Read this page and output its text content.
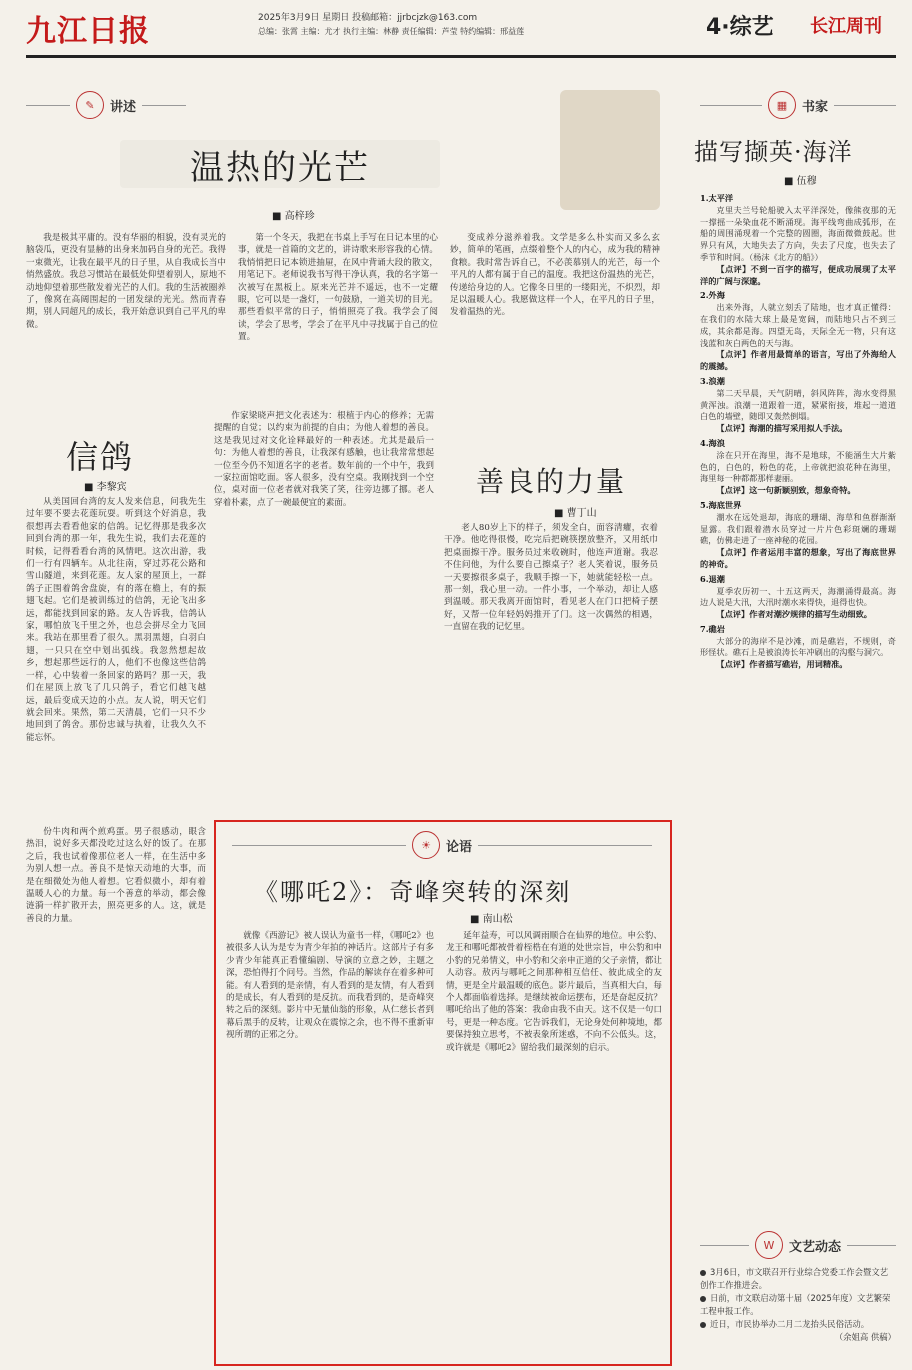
九江日报	2025年3月9日 星期日 投稿邮箱：jjrbcjzk@163.com
总编：张霄 主编：尤才 执行主编：林静 责任编辑：芦莹 特约编辑：邢益莲	4·综艺 长江周刊
✎	讲述
温热的光芒
■ 高梓珍
我是极其平庸的。没有华丽的相貌，没有灵光的脑袋瓜，更没有显赫的出身来加码自身的光芒。我得一束微光，让我在最平凡的日子里，从自我成长当中悄然盛放。我总习惯站在最低处仰望着别人，原地不动地仰望着那些散发着光芒的人们。我的生活被圈养了，像窝在高阔围起的一团发绿的光光。然而青春期，别人同超凡的成长，我开始意识到自己平凡的卑微。
第一个冬天，我把在书桌上手写在日记本里的心事，就是一首篇的文艺的，讲诗歌来形容我的心情。我悄悄把日记本锁进抽屉，在风中背诵大段的散文，用笔记下。老师说我书写得干净认真，我的名字第一次被写在黑板上。原来光芒并不遥远，也不一定耀眼，它可以是一盏灯，一句鼓励，一道关切的目光。那些看似平常的日子，悄悄照亮了我。我学会了阅读，学会了思考，学会了在平凡中寻找属于自己的位置。
变成养分滋养着我。文学是多么朴实而又多么玄妙，简单的笔画，点缀着整个人的内心，成为我的精神食粮。我时常告诉自己，不必羡慕别人的光芒，每一个平凡的人都有属于自己的温度。我把这份温热的光芒，传递给身边的人。它像冬日里的一缕阳光，不炽烈，却足以温暖人心。我愿做这样一个人，在平凡的日子里，发着温热的光。
信鸽
■ 李黎宾
从美国回台湾的友人发来信息，问我先生过年要不要去花莲玩耍。听到这个好消息，我很想再去看看他家的信鸽。记忆得那是我多次回到台湾的那一年，我先生说，我们去花莲的时候，记得看看台湾的风情吧。这次出游，我们一行有四辆车。从北往南，穿过苏花公路和雪山隧道，来到花莲。友人家的屋顶上，一群鸽子正围着鸽舍盘旋，有的落在檐上，有的振翅飞起。它们是被训练过的信鸽，无论飞出多远，都能找到回家的路。友人告诉我，信鸽认家，哪怕放飞千里之外，也总会拼尽全力飞回来。我站在那里看了很久。黑羽黑翅，白羽白翅，一只只在空中划出弧线。我忽然想起故乡，想起那些远行的人，他们不也像这些信鸽一样，心中装着一条回家的路吗？那一天，我们在屋顶上放飞了几只鸽子，看它们越飞越远，最后变成天边的小点。友人说，明天它们就会回来。果然，第二天清晨，它们一只不少地回到了鸽舍。那份忠诚与执着，让我久久不能忘怀。
善良的力量
■ 曹丁山
作家梁晓声把文化表述为：根植于内心的修养；无需提醒的自觉；以约束为前提的自由；为他人着想的善良。这是我见过对文化诠释最好的一种表述。尤其是最后一句：为他人着想的善良，让我深有感触，也让我常常想起一位至今仍不知道名字的老者。数年前的一个中午，我到一家拉面馆吃面。客人很多，没有空桌。我刚找到一个空位，桌对面一位老者就对我笑了笑，往旁边挪了挪。老人穿着朴素，点了一碗最便宜的素面。
老人80岁上下的样子，须发全白，面容清癯，衣着干净。他吃得很慢，吃完后把碗筷摆放整齐，又用纸巾把桌面擦干净。服务员过来收碗时，他连声道谢。我忍不住问他，为什么要自己擦桌子？老人笑着说，服务员一天要擦很多桌子，我顺手擦一下，她就能轻松一点。那一刻，我心里一动。一件小事，一个举动，却让人感到温暖。那天我离开面馆时，看见老人在门口把椅子摆好，又帮一位年轻妈妈推开了门。这一次偶然的相遇，一直留在我的记忆里。
份牛肉和两个煎鸡蛋。男子很感动，眼含热泪，说好多天都没吃过这么好的饭了。在那之后，我也试着像那位老人一样，在生活中多为别人想一点。善良不是惊天动地的大事，而是在细微处为他人着想。它看似微小，却有着温暖人心的力量。每一个善意的举动，都会像涟漪一样扩散开去，照亮更多的人。这，就是善良的力量。
☀	论语
《哪吒2》：奇峰突转的深刻
■ 南山松
就像《西游记》被人误认为童书一样，《哪吒2》也被很多人认为是专为青少年拍的神话片。这部片子有多少青少年能真正看懂编剧、导演的立意之妙，主题之深，恐怕得打个问号。当然，作品的解读存在着多种可能。有人看到的是亲情，有人看到的是友情，有人看到的是成长，有人看到的是反抗。而我看到的，是奇峰突转之后的深刻。影片中无量仙翁的形象，从仁慈长者到幕后黑手的反转，让观众在震惊之余，也不得不重新审视所谓的正邪之分。
延年益寿，可以风调雨顺合在仙界的地位。申公豹、龙王和哪吒都被骨着桎梏在有道的处世宗旨，申公豹和申小豹的兄弟情义，申小豹和父亲申正道的父子亲情，都让人动容。敖丙与哪吒之间那种相互信任、彼此成全的友情，更是全片最温暖的底色。影片最后，当真相大白，每个人都面临着选择。是继续被命运摆布，还是奋起反抗？哪吒给出了他的答案：我命由我不由天。这不仅是一句口号，更是一种态度。它告诉我们，无论身处何种境地，都要保持独立思考，不被表象所迷惑，不向不公低头。这，或许就是《哪吒2》留给我们最深刻的启示。
▦	书家
描写撷英·海洋
■ 伍穆
1.太平洋

克里夫兰号轮船驶入太平洋深处，像熊夜那的无一撑摇一朵染血花不断涌现。海平线弯曲成弧形，在船的周围涌现着一个完整的圆圈，海面微微鼓起。世界只有风，大地失去了方向，失去了尺度，也失去了季节和时间。（杨沫《北方的船》）

【点评】不到一百字的描写，便成功展现了太平洋的广阔与深邃。

2.外海

出来外海，人就立刻丢了陆地，也才真正懂得：在我们的水陆大球上最是宽阔，而陆地只占不到三成，其余都是海。四望无岛，天际全无一物，只有这浅蓝和灰白两色的天与海。

【点评】作者用最简单的语言，写出了外海给人的震撼。

3.浪潮

第二天早晨，天气阴晴，斜风阵阵，海水变得黑黄浑浊。浪潮一道跟着一道，紧紧衔接，堆起一道道白色的墙壁，随即又轰然倒塌。

【点评】海潮的描写采用拟人手法。

4.海浪

涂在只开在海里，海不是地球，不能涵生大片紫色的，白色的，粉色的花，上帝就把浪花种在海里，海里每一种都都那样妻丽。

【点评】这一句新颖别致，想象奇特。

5.海底世界

潮水在远处退却，海底的珊瑚、海草和鱼群渐渐显露。我们跟着潜水员穿过一片片色彩斑斓的珊瑚礁，仿佛走进了一座神秘的花园。

【点评】作者运用丰富的想象，写出了海底世界的神奇。

6.退潮

夏季农历初一、十五这两天，海潮涌得最高。海边人说是大汛，大汛时潮水来得快，退得也快。

【点评】作者对潮汐规律的描写生动细致。

7.礁岩

大部分的海岸不是沙滩，而是礁岩，不规则，奇形怪状。礁石上是被浪涛长年冲刷出的沟壑与洞穴。

【点评】作者描写礁岩，用词精准。

W	文艺动态
3月6日，市文联召开行业综合党委工作会暨文艺创作工作推进会。
日前，市文联启动第十届（2025年度）文艺繁荣工程申报工作。
近日，市民协举办二月二龙抬头民俗活动。
（余姐高 供稿）
